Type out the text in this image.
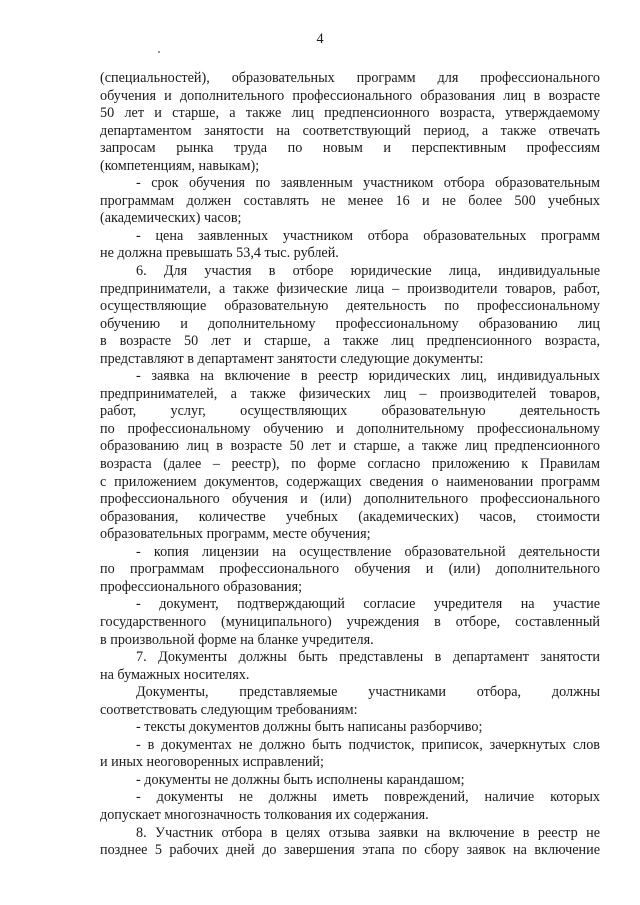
4
(специальностей), образовательных программ для профессионального
обучения и дополнительного профессионального образования лиц в возрасте
50 лет и старше, а также лиц предпенсионного возраста, утверждаемому
департаментом занятости на соответствующий период, а также отвечать
запросам рынка труда по новым и перспективным профессиям
(компетенциям, навыкам);
- срок обучения по заявленным участником отбора образовательным
программам должен составлять не менее 16 и не более 500 учебных
(академических) часов;
- цена заявленных участником отбора образовательных программ
не должна превышать 53,4 тыс. рублей.
6. Для участия в отборе юридические лица, индивидуальные
предприниматели, а также физические лица – производители товаров, работ,
осуществляющие образовательную деятельность по профессиональному
обучению и дополнительному профессиональному образованию лиц
в возрасте 50 лет и старше, а также лиц предпенсионного возраста,
представляют в департамент занятости следующие документы:
- заявка на включение в реестр юридических лиц, индивидуальных
предпринимателей, а также физических лиц – производителей товаров,
работ, услуг, осуществляющих образовательную деятельность
по профессиональному обучению и дополнительному профессиональному
образованию лиц в возрасте 50 лет и старше, а также лиц предпенсионного
возраста (далее – реестр), по форме согласно приложению к Правилам
с приложением документов, содержащих сведения о наименовании программ
профессионального обучения и (или) дополнительного профессионального
образования, количестве учебных (академических) часов, стоимости
образовательных программ, месте обучения;
- копия лицензии на осуществление образовательной деятельности
по программам профессионального обучения и (или) дополнительного
профессионального образования;
- документ, подтверждающий согласие учредителя на участие
государственного (муниципального) учреждения в отборе, составленный
в произвольной форме на бланке учредителя.
7. Документы должны быть представлены в департамент занятости
на бумажных носителях.
Документы, представляемые участниками отбора, должны
соответствовать следующим требованиям:
- тексты документов должны быть написаны разборчиво;
- в документах не должно быть подчисток, приписок, зачеркнутых слов
и иных неоговоренных исправлений;
- документы не должны быть исполнены карандашом;
- документы не должны иметь повреждений, наличие которых
допускает многозначность толкования их содержания.
8. Участник отбора в целях отзыва заявки на включение в реестр не
позднее 5 рабочих дней до завершения этапа по сбору заявок на включение
